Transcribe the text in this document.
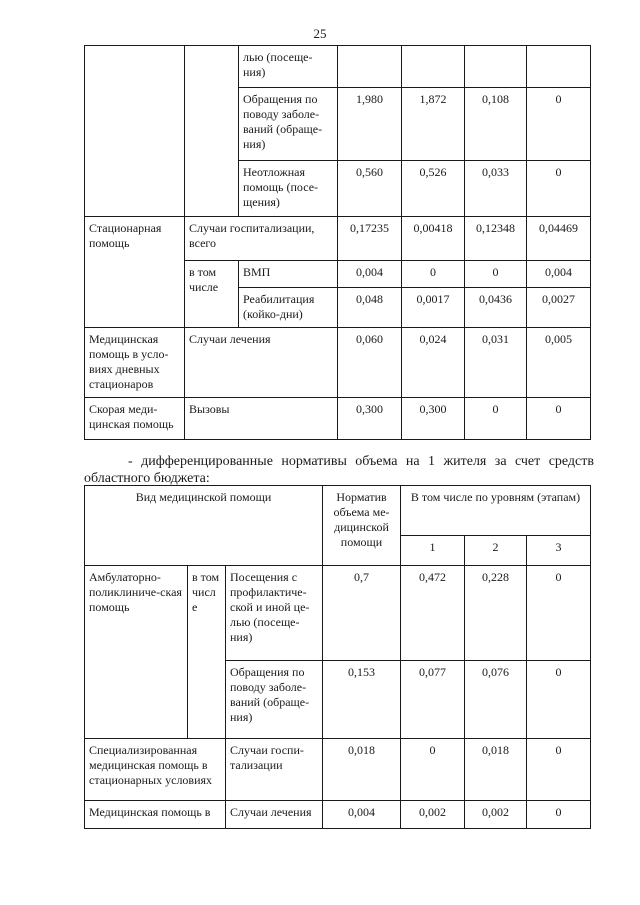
25
		лью (посеще-ния)				
		Обращения по поводу заболе-ваний (обраще-ния)	1,980	1,872	0,108	0
		Неотложная помощь (посе-щения)	0,560	0,526	0,033	0
Стационарная помощь	Случаи госпитализации, всего		0,17235	0,00418	0,12348	0,04469
	в том числе	ВМП	0,004	0	0	0,004
		Реабилитация (койко-дни)	0,048	0,0017	0,0436	0,0027
Медицинская помощь в усло-виях дневных стационаров	Случаи лечения		0,060	0,024	0,031	0,005
Скорая меди-цинская помощь	Вызовы		0,300	0,300	0	0
- дифференцированные нормативы объема на 1 жителя за счет средств
областного бюджета:
Вид медицинской помощи			Норматив объема ме-дицинской помощи	В том числе по уровням (этапам)		
				1	2	3
Амбулаторно-поликлиниче-ская помощь	в том числе	Посещения с профилактиче-ской и иной це-лью (посеще-ния)	0,7	0,472	0,228	0
		Обращения по поводу заболе-ваний (обраще-ния)	0,153	0,077	0,076	0
Специализированная медицинская помощь в стационарных условиях		Случаи госпи-тализации	0,018	0	0,018	0
Медицинская помощь в		Случаи лечения	0,004	0,002	0,002	0
